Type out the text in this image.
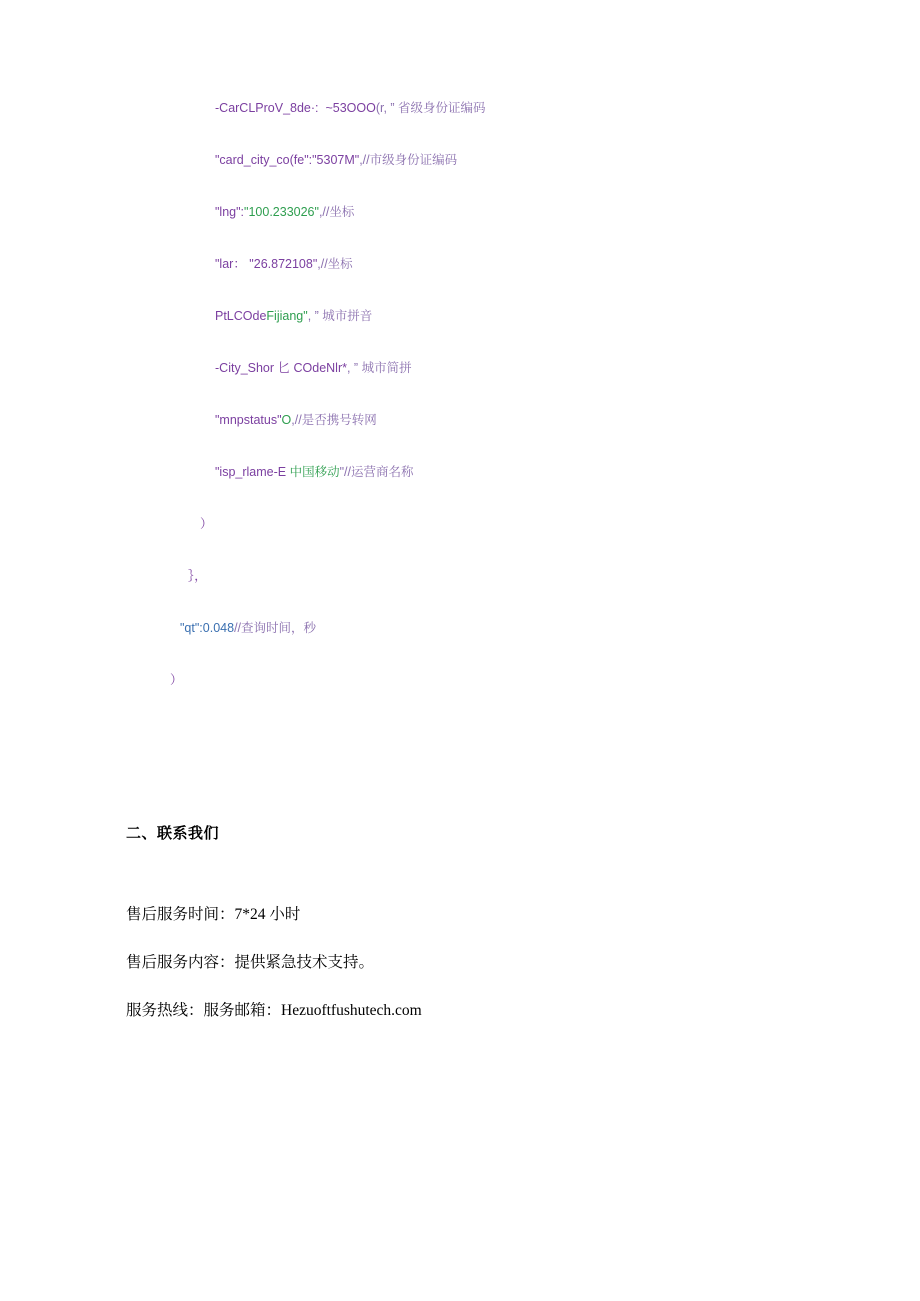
-CarCLProV_8de·:  ~53OOO(r, ” 省级身份证编码
"card_city_co(fe":"5307M",//市级身份证编码
"lng":"100.233026",//坐标
"lar： "26.872108",//坐标
PtLCOdeFijiang", ” 城市拼音
-City_Shor 匕 COdeNlr*, ” 城市简拼
"mnpstatus"O,//是否携号转网
"isp_rlame-E 中国移动"//运营商名称
）
｝，
"qt":0.048//查询时间，秒
）
二、联系我们

售后服务时间：7*24 小时

售后服务内容：提供紧急技术支持。

服务热线：服务邮箱：Hezuoftfushutech.com
